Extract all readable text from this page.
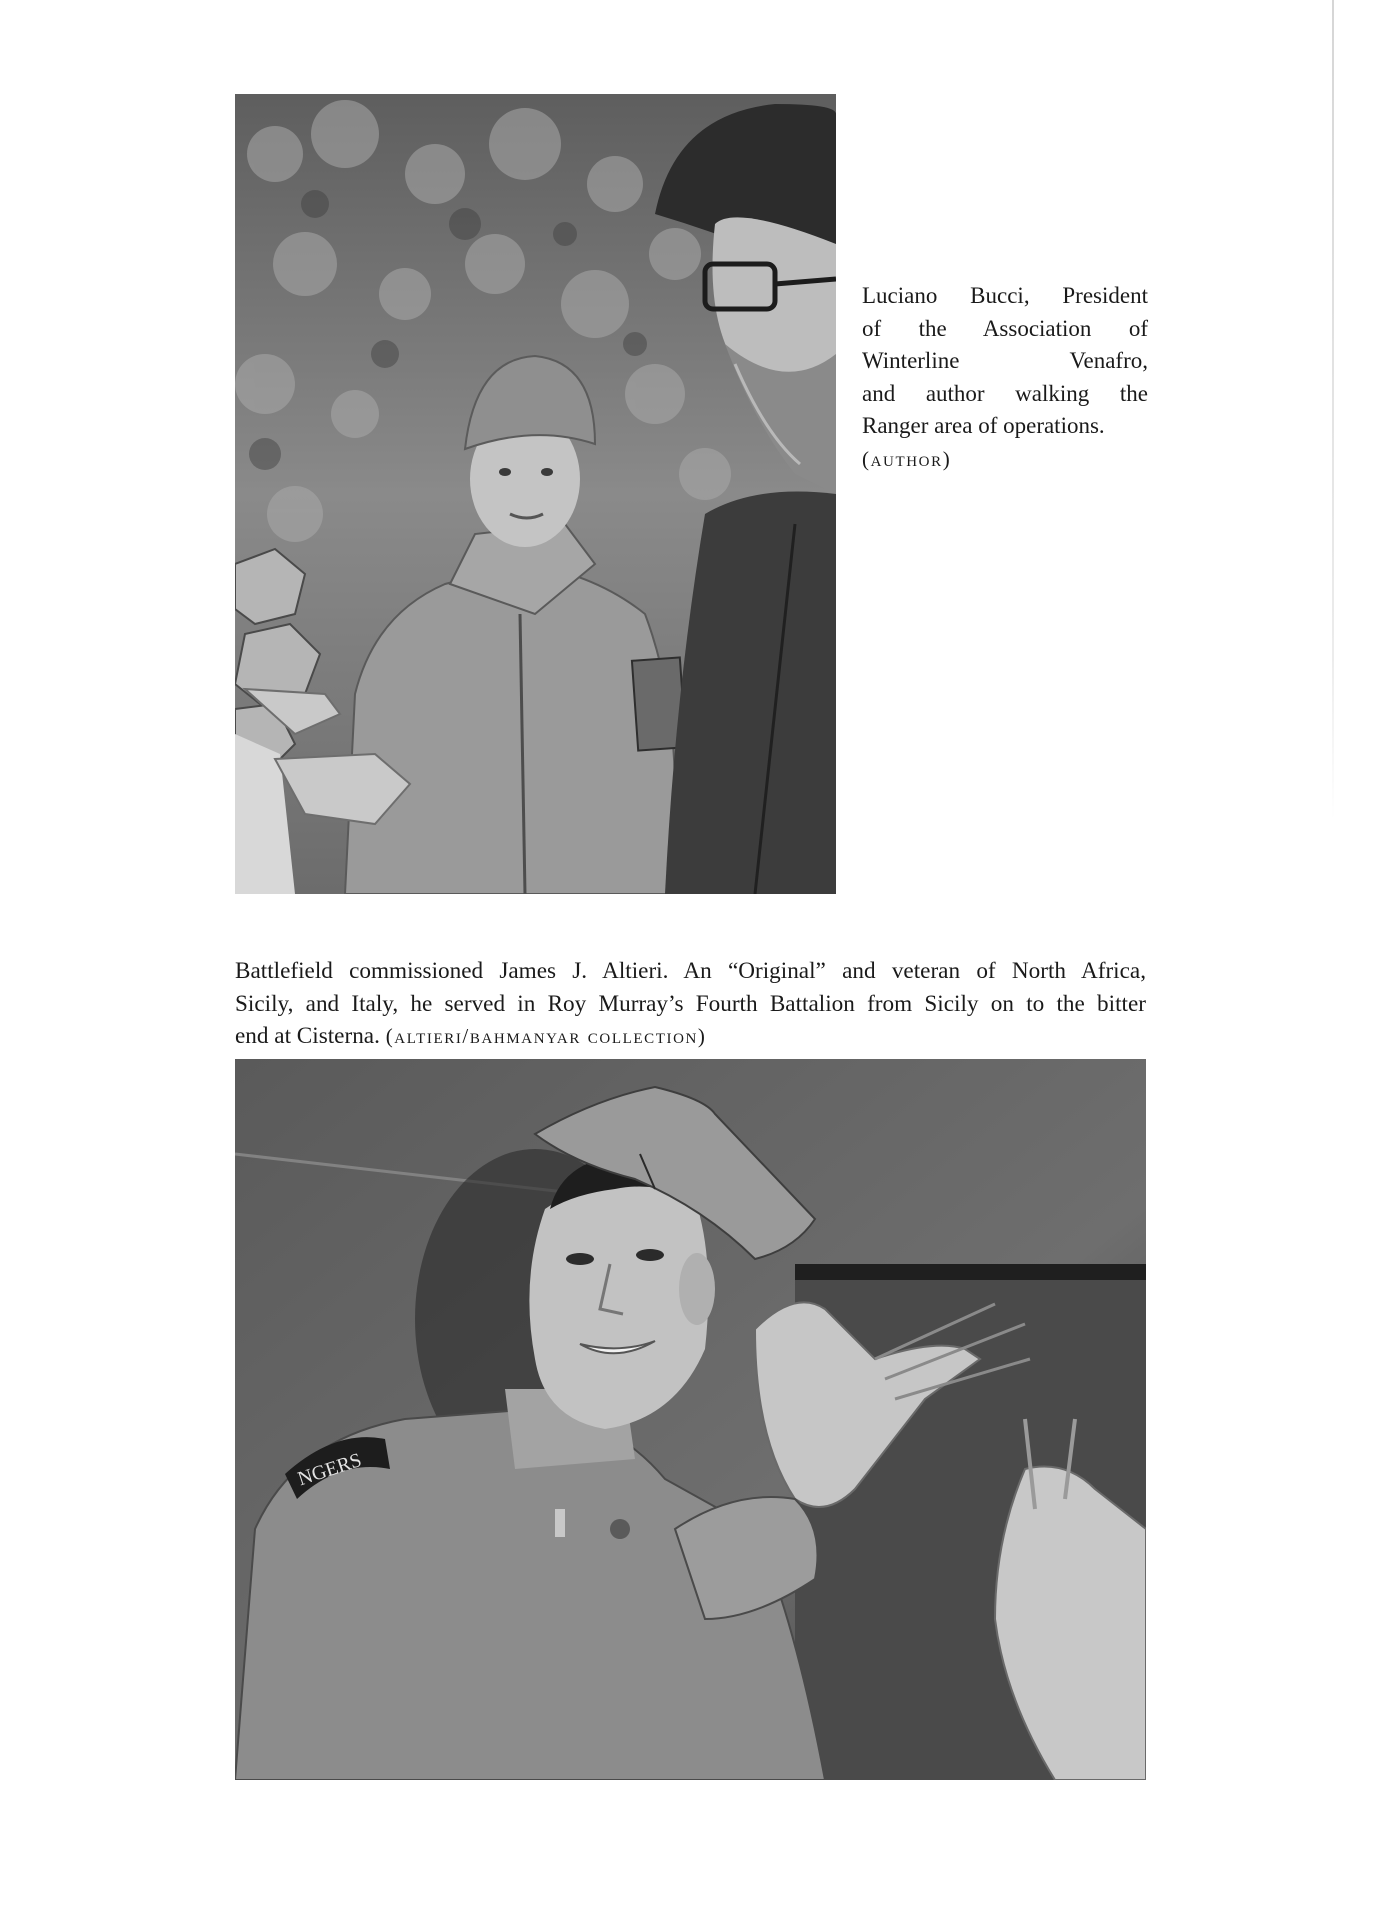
Luciano Bucci, President
of the Association of
Winterline Venafro,
and author walking the
Ranger area of operations.
(author)
Battlefield commissioned James J. Altieri. An “Original” and veteran of North Africa,
Sicily, and Italy, he served in Roy Murray’s Fourth Battalion from Sicily on to the bitter
end at Cisterna. (altieri/bahmanyar collection)
NGERS
